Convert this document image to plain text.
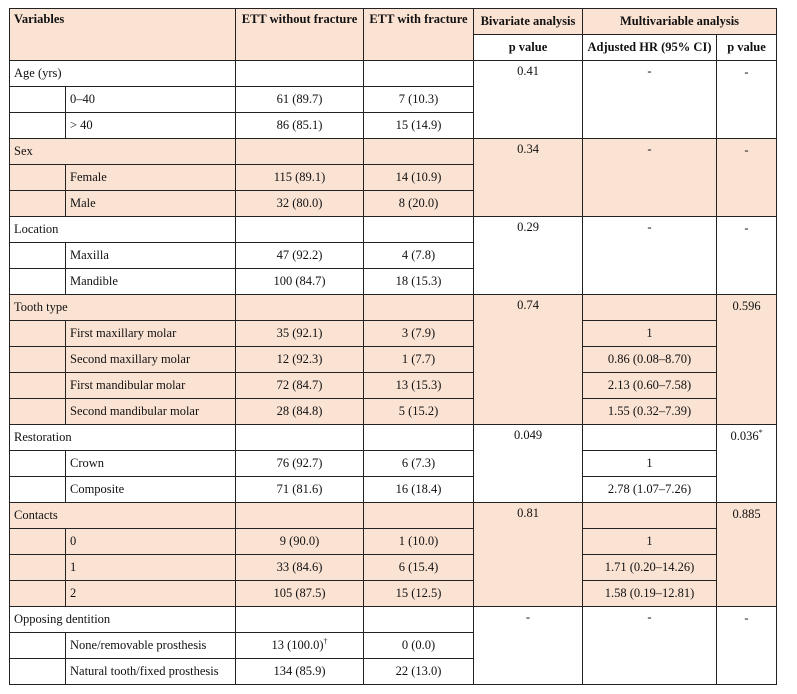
Variables		ETT without fracture	ETT with fracture	Bivariate analysis	Multivariable analysis	
				p value	Adjusted HR (95% CI)	p value
Age (yrs)				0.41	-	-
	0–40	61 (89.7)	7 (10.3)			
	> 40	86 (85.1)	15 (14.9)			
Sex				0.34	-	-
	Female	115 (89.1)	14 (10.9)			
	Male	32 (80.0)	8 (20.0)			
Location				0.29	-	-
	Maxilla	47 (92.2)	4 (7.8)			
	Mandible	100 (84.7)	18 (15.3)			
Tooth type				0.74		0.596
	First maxillary molar	35 (92.1)	3 (7.9)		1	
	Second maxillary molar	12 (92.3)	1 (7.7)		0.86 (0.08–8.70)	
	First mandibular molar	72 (84.7)	13 (15.3)		2.13 (0.60–7.58)	
	Second mandibular molar	28 (84.8)	5 (15.2)		1.55 (0.32–7.39)	
Restoration				0.049		0.036*
	Crown	76 (92.7)	6 (7.3)		1	
	Composite	71 (81.6)	16 (18.4)		2.78 (1.07–7.26)	
Contacts				0.81		0.885
	0	9 (90.0)	1 (10.0)		1	
	1	33 (84.6)	6 (15.4)		1.71 (0.20–14.26)	
	2	105 (87.5)	15 (12.5)		1.58 (0.19–12.81)	
Opposing dentition				-	-	-
	None/removable prosthesis	13 (100.0)†	0 (0.0)			
	Natural tooth/fixed prosthesis	134 (85.9)	22 (13.0)			
